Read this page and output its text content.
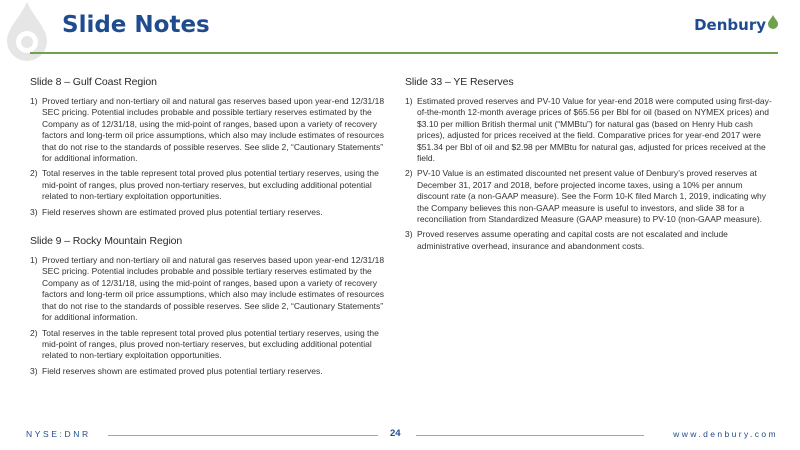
Slide Notes	Denbury
Slide 8 – Gulf Coast Region
1) Proved tertiary and non-tertiary oil and natural gas reserves based upon year-end 12/31/18 SEC pricing. Potential includes probable and possible tertiary reserves estimated by the Company as of 12/31/18, using the mid-point of ranges, based upon a variety of recovery factors and long-term oil price assumptions, which also may include estimates of resources that do not rise to the standards of possible reserves. See slide 2, “Cautionary Statements” for additional information.
2) Total reserves in the table represent total proved plus potential tertiary reserves, using the mid-point of ranges, plus proved non-tertiary reserves, but excluding additional potential related to non-tertiary exploitation opportunities.
3) Field reserves shown are estimated proved plus potential tertiary reserves.
Slide 9 – Rocky Mountain Region
1) Proved tertiary and non-tertiary oil and natural gas reserves based upon year-end 12/31/18 SEC pricing. Potential includes probable and possible tertiary reserves estimated by the Company as of 12/31/18, using the mid-point of ranges, based upon a variety of recovery factors and long-term oil price assumptions, which also may include estimates of resources that do not rise to the standards of possible reserves. See slide 2, “Cautionary Statements” for additional information.
2) Total reserves in the table represent total proved plus potential tertiary reserves, using the mid-point of ranges, plus proved non-tertiary reserves, but excluding additional potential related to non-tertiary exploitation opportunities.
3) Field reserves shown are estimated proved plus potential tertiary reserves.
Slide 33 – YE Reserves
1) Estimated proved reserves and PV-10 Value for year-end 2018 were computed using first-day-of-the-month 12-month average prices of $65.56 per Bbl for oil (based on NYMEX prices) and $3.10 per million British thermal unit (“MMBtu”) for natural gas (based on Henry Hub cash prices), adjusted for prices received at the field. Comparative prices for year-end 2017 were $51.34 per Bbl of oil and $2.98 per MMBtu for natural gas, adjusted for prices received at the field.
2) PV-10 Value is an estimated discounted net present value of Denbury’s proved reserves at December 31, 2017 and 2018, before projected income taxes, using a 10% per annum discount rate (a non-GAAP measure). See the Form 10-K filed March 1, 2019, indicating why the Company believes this non-GAAP measure is useful to investors, and slide 38 for a reconciliation from Standardized Measure (GAAP measure) to PV-10 (non-GAAP measure).
3) Proved reserves assume operating and capital costs are not escalated and include administrative overhead, insurance and abandonment costs.
NYSE:DNR	24	www.denbury.com
